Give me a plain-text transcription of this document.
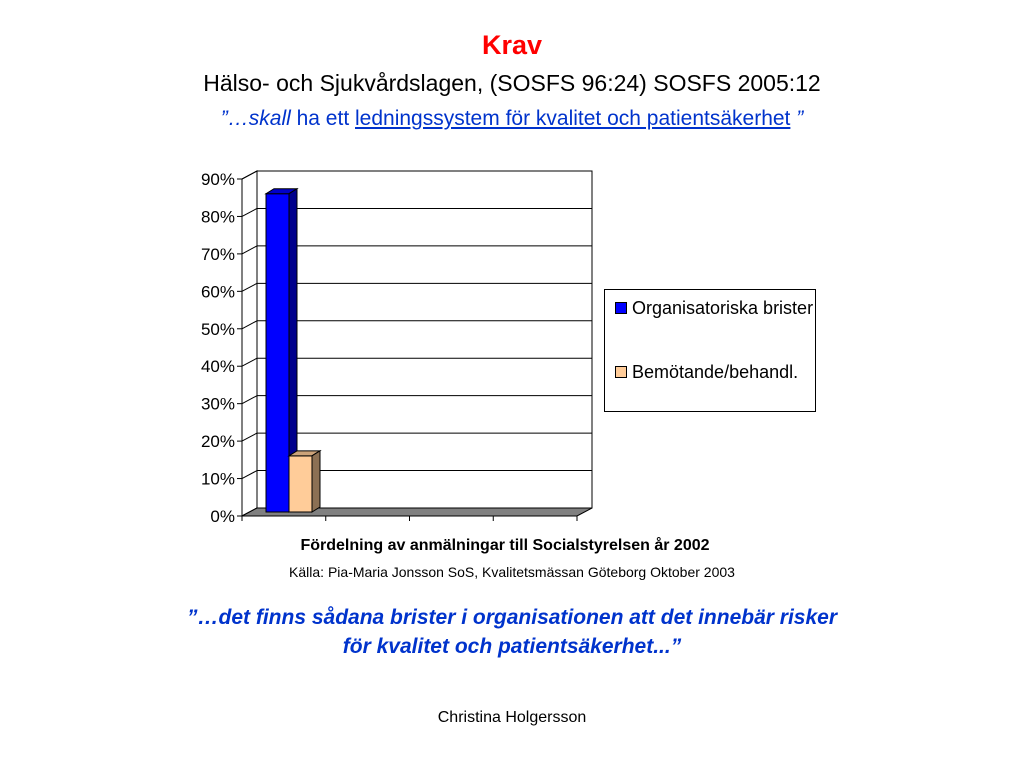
Krav
Hälso- och Sjukvårdslagen, (SOSFS 96:24) SOSFS 2005:12
”…skall ha ett ledningssystem för kvalitet och patientsäkerhet ”
0%
10%
20%
30%
40%
50%
60%
70%
80%
90%
Organisatoriska brister
Bemötande/behandl.
Fördelning av anmälningar till Socialstyrelsen år 2002
Källa: Pia-Maria Jonsson SoS, Kvalitetsmässan Göteborg Oktober 2003
”…det finns sådana brister i organisationen att det innebär risker
för kvalitet och patientsäkerhet...”
Christina Holgersson
